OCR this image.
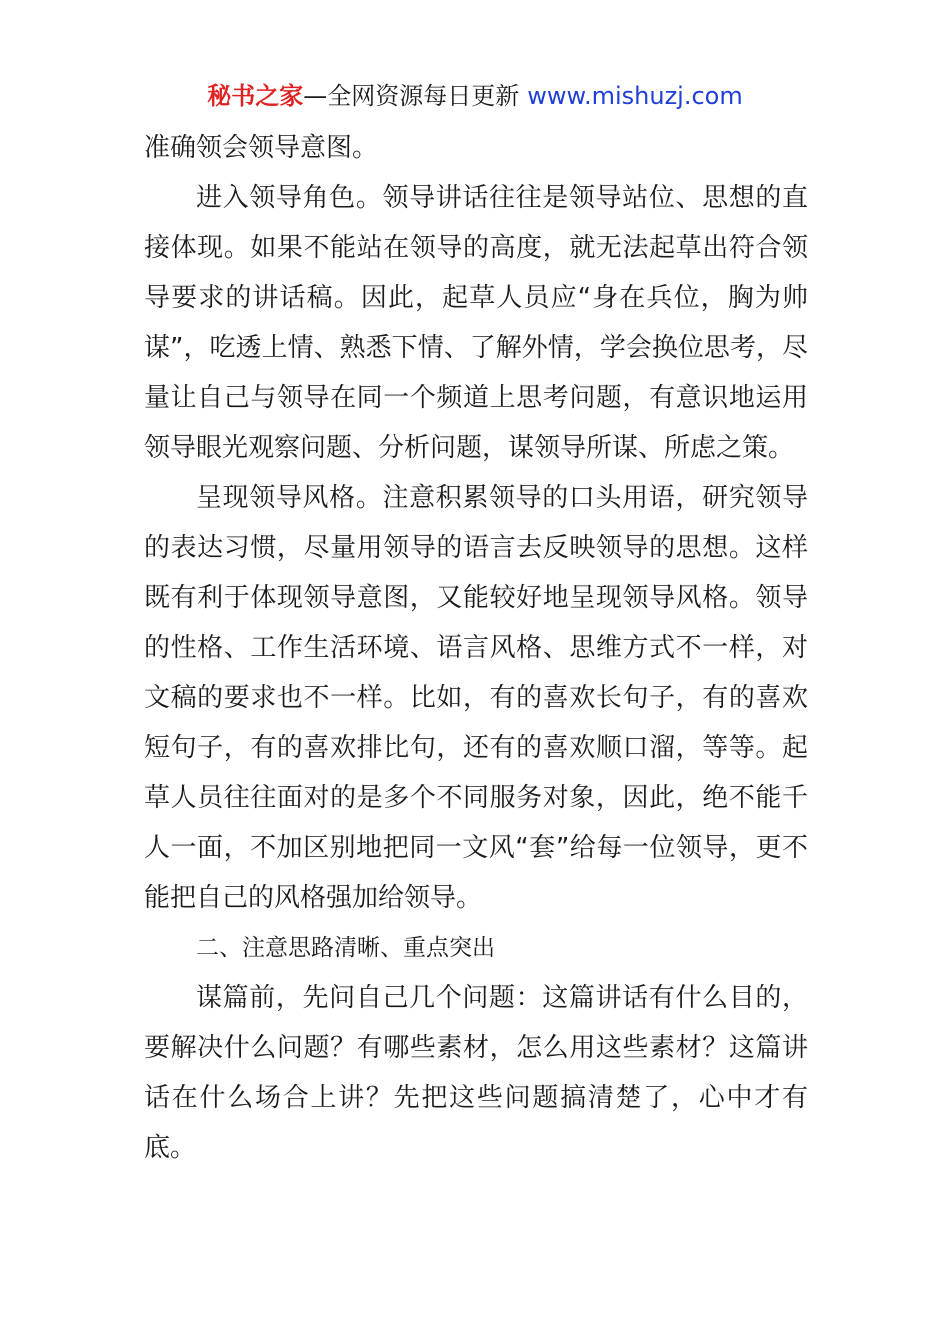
秘书之家—全网资源每日更新 www.mishuzj.com

准确领会领导意图。

进入领导角色。领导讲话往往是领导站位、思想的直接体现。如果不能站在领导的高度，就无法起草出符合领导要求的讲话稿。因此，起草人员应“身在兵位，胸为帅谋”，吃透上情、熟悉下情、了解外情，学会换位思考，尽量让自己与领导在同一个频道上思考问题，有意识地运用领导眼光观察问题、分析问题，谋领导所谋、所虑之策。

呈现领导风格。注意积累领导的口头用语，研究领导的表达习惯，尽量用领导的语言去反映领导的思想。这样既有利于体现领导意图，又能较好地呈现领导风格。领导的性格、工作生活环境、语言风格、思维方式不一样，对文稿的要求也不一样。比如，有的喜欢长句子，有的喜欢短句子，有的喜欢排比句，还有的喜欢顺口溜，等等。起草人员往往面对的是多个不同服务对象，因此，绝不能千人一面，不加区别地把同一文风“套”给每一位领导，更不能把自己的风格强加给领导。

二、注意思路清晰、重点突出

谋篇前，先问自己几个问题：这篇讲话有什么目的，要解决什么问题？有哪些素材，怎么用这些素材？这篇讲话在什么场合上讲？先把这些问题搞清楚了，心中才有底。
